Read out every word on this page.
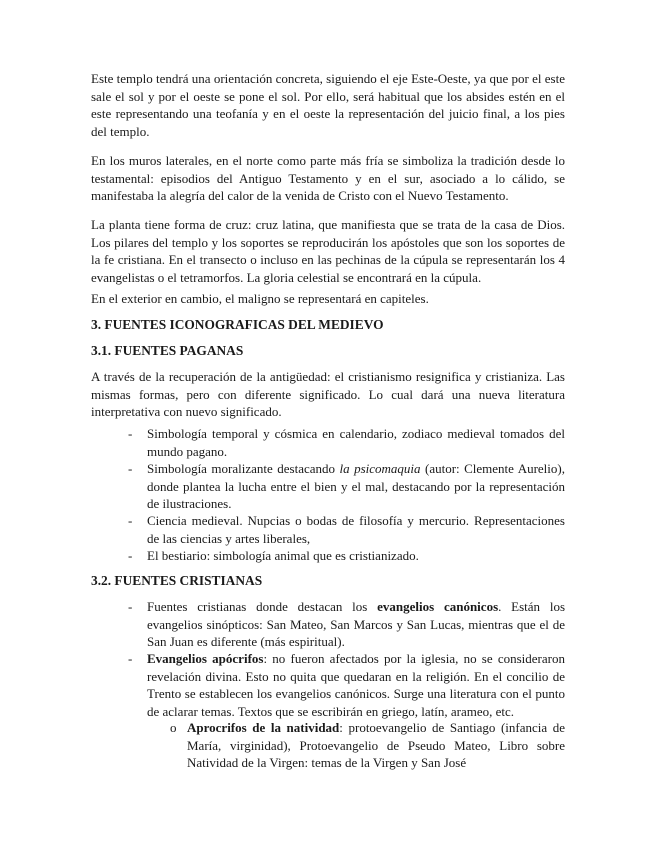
Este templo tendrá una orientación concreta, siguiendo el eje Este-Oeste, ya que por el este sale el sol y por el oeste se pone el sol. Por ello, será habitual que los absides estén en el este representando una teofanía y en el oeste la representación del juicio final, a los pies del templo.

En los muros laterales, en el norte como parte más fría se simboliza la tradición desde lo testamental: episodios del Antiguo Testamento y en el sur, asociado a lo cálido, se manifestaba la alegría del calor de la venida de Cristo con el Nuevo Testamento.

La planta tiene forma de cruz: cruz latina, que manifiesta que se trata de la casa de Dios. Los pilares del templo y los soportes se reproducirán los apóstoles que son los soportes de la fe cristiana. En el transecto o incluso en las pechinas de la cúpula se representarán los 4 evangelistas o el tetramorfos. La gloria celestial se encontrará en la cúpula.

En el exterior en cambio, el maligno se representará en capiteles.

3. FUENTES ICONOGRAFICAS DEL MEDIEVO
3.1. FUENTES PAGANAS

A través de la recuperación de la antigüedad: el cristianismo resignifica y cristianiza. Las mismas formas, pero con diferente significado. Lo cual dará una nueva literatura interpretativa con nuevo significado.

- Simbología temporal y cósmica en calendario, zodiaco medieval tomados del mundo pagano.
- Simbología moralizante destacando la psicomaquia (autor: Clemente Aurelio), donde plantea la lucha entre el bien y el mal, destacando por la representación de ilustraciones.
- Ciencia medieval. Nupcias o bodas de filosofía y mercurio. Representaciones de las ciencias y artes liberales,
- El bestiario: simbología animal que es cristianizado.
3.2. FUENTES CRISTIANAS
- Fuentes cristianas donde destacan los evangelios canónicos. Están los evangelios sinópticos: San Mateo, San Marcos y San Lucas, mientras que el de San Juan es diferente (más espiritual).
- Evangelios apócrifos: no fueron afectados por la iglesia, no se consideraron revelación divina. Esto no quita que quedaran en la religión. En el concilio de Trento se establecen los evangelios canónicos. Surge una literatura con el punto de aclarar temas. Textos que se escribirán en griego, latín, arameo, etc.
o Aprocrifos de la natividad: protoevangelio de Santiago (infancia de María, virginidad), Protoevangelio de Pseudo Mateo, Libro sobre Natividad de la Virgen: temas de la Virgen y San José
